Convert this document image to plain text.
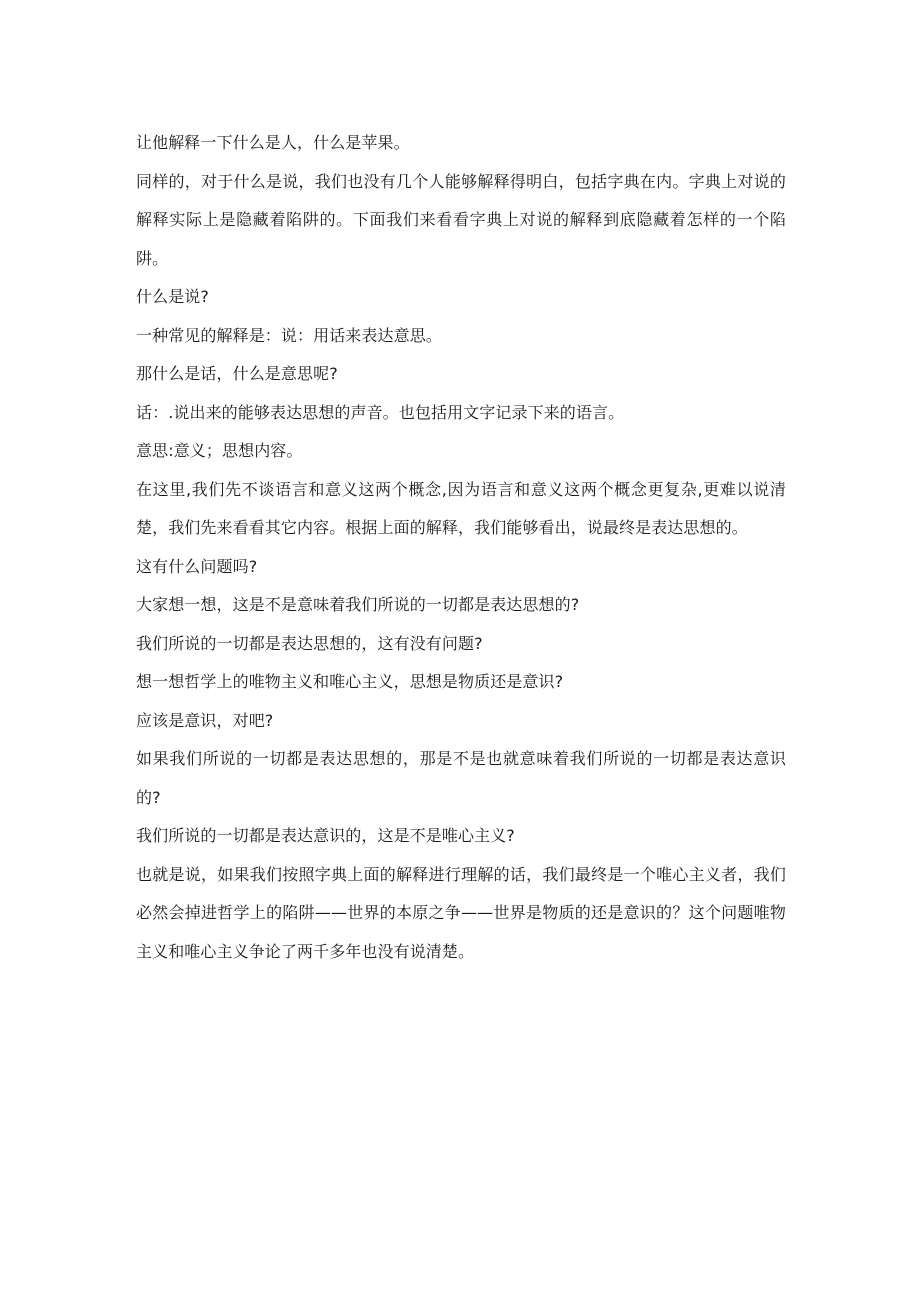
让他解释一下什么是人，什么是苹果。

同样的，对于什么是说，我们也没有几个人能够解释得明白，包括字典在内。字典上对说的解释实际上是隐藏着陷阱的。下面我们来看看字典上对说的解释到底隐藏着怎样的一个陷阱。

什么是说?

一种常见的解释是：说：用话来表达意思。

那什么是话，什么是意思呢?

话：.说出来的能够表达思想的声音。也包括用文字记录下来的语言。

意思:意义；思想内容。

在这里,我们先不谈语言和意义这两个概念,因为语言和意义这两个概念更复杂,更难以说清楚，我们先来看看其它内容。根据上面的解释，我们能够看出，说最终是表达思想的。

这有什么问题吗?

大家想一想，这是不是意味着我们所说的一切都是表达思想的?

我们所说的一切都是表达思想的，这有没有问题?

想一想哲学上的唯物主义和唯心主义，思想是物质还是意识?

应该是意识，对吧?

如果我们所说的一切都是表达思想的，那是不是也就意味着我们所说的一切都是表达意识的?

我们所说的一切都是表达意识的，这是不是唯心主义?

也就是说，如果我们按照字典上面的解释进行理解的话，我们最终是一个唯心主义者，我们必然会掉进哲学上的陷阱——世界的本原之争——世界是物质的还是意识的？这个问题唯物主义和唯心主义争论了两千多年也没有说清楚。
